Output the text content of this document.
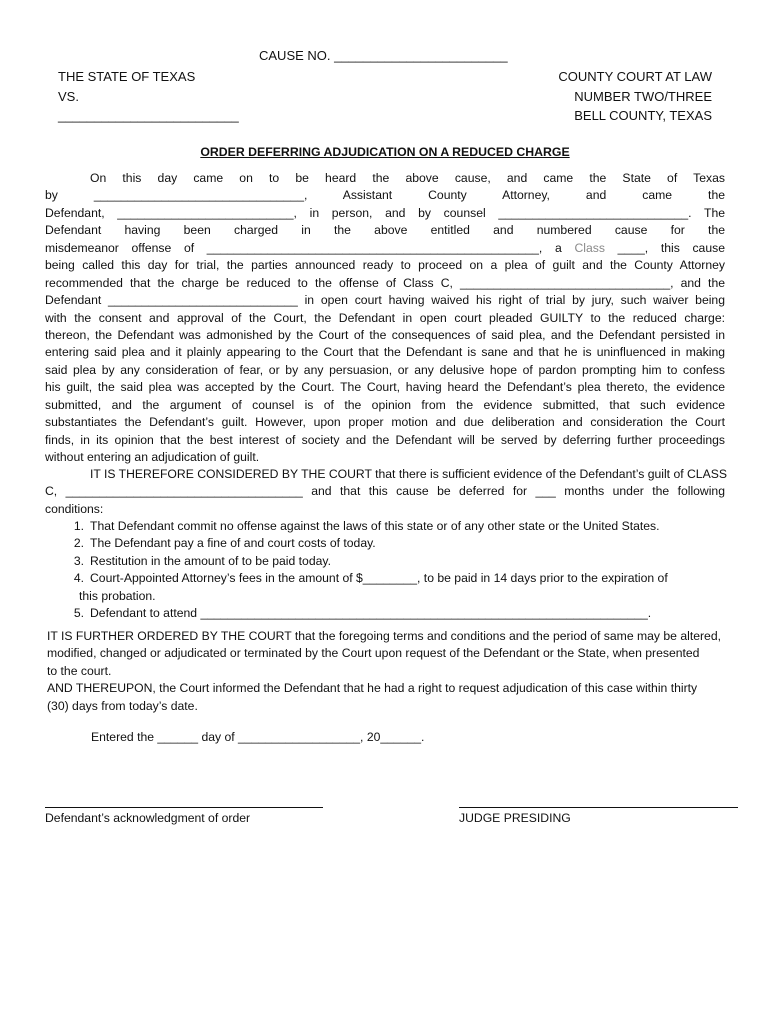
CAUSE NO. ________________________
THE STATE OF TEXAS
VS.
_________________________
COUNTY COURT AT LAW
NUMBER TWO/THREE
BELL COUNTY, TEXAS
ORDER DEFERRING ADJUDICATION ON A REDUCED CHARGE
On this day came on to be heard the above cause, and came the State of Texas
by _______________________________, Assistant County Attorney, and came the
Defendant, __________________________, in person, and by counsel ____________________________. The
Defendant having been charged in the above entitled and numbered cause for the
misdemeanor offense of _________________________________________________, a Class ____, this cause
being called this day for trial, the parties announced ready to proceed on a plea of guilt and the County Attorney
recommended that the charge be reduced to the offense of Class C, _______________________________, and the
Defendant ____________________________ in open court having waived his right of trial by jury, such waiver being
with the consent and approval of the Court, the Defendant in open court pleaded GUILTY to the reduced charge:
thereon, the Defendant was admonished by the Court of the consequences of said plea, and the Defendant persisted in
entering said plea and it plainly appearing to the Court that the Defendant is sane and that he is uninfluenced in making
said plea by any consideration of fear, or by any persuasion, or any delusive hope of pardon prompting him to confess
his guilt, the said plea was accepted by the Court. The Court, having heard the Defendant’s plea thereto, the evidence
submitted, and the argument of counsel is of the opinion from the evidence submitted, that such evidence
substantiates the Defendant’s guilt. However, upon proper motion and due deliberation and consideration the Court
finds, in its opinion that the best interest of society and the Defendant will be served by deferring further proceedings
without entering an adjudication of guilt.
IT IS THEREFORE CONSIDERED BY THE COURT that there is sufficient evidence of the Defendant’s guilt of CLASS
C, ___________________________________ and that this cause be deferred for ___ months under the following
conditions:
1. That Defendant commit no offense against the laws of this state or of any other state or the United States.
2. The Defendant pay a fine of and court costs of today.
3. Restitution in the amount of to be paid today.
4. Court-Appointed Attorney’s fees in the amount of $________, to be paid in 14 days prior to the expiration of
this probation.
5. Defendant to attend __________________________________________________________________.
IT IS FURTHER ORDERED BY THE COURT that the foregoing terms and conditions and the period of same may be altered,
modified, changed or adjudicated or terminated by the Court upon request of the Defendant or the State, when presented
to the court.
AND THEREUPON, the Court informed the Defendant that he had a right to request adjudication of this case within thirty
(30) days from today’s date.
Entered the ______ day of __________________, 20______.
Defendant’s acknowledgment of order	JUDGE PRESIDING
